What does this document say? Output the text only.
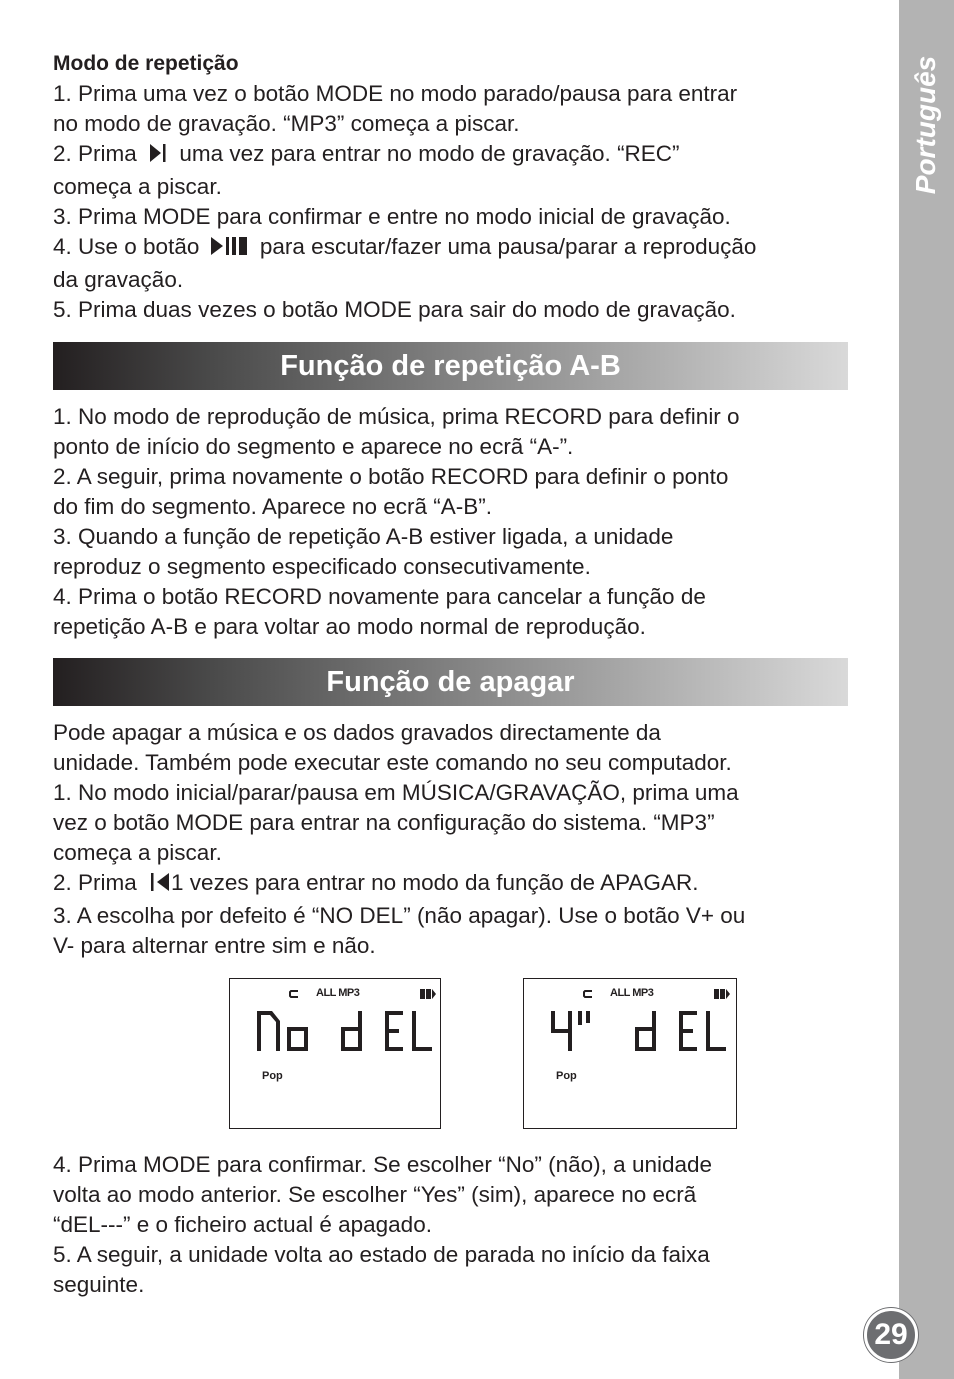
Modo de repetição

1. Prima uma vez o botão MODE no modo parado/pausa para entrar

no modo de gravação. “MP3” começa a piscar.

2. Prima uma vez para entrar no modo de gravação. “REC”

começa a piscar.

3. Prima MODE para confirmar e entre no modo inicial de gravação.

4. Use o botão	para escutar/fazer uma pausa/parar a reprodução

da gravação.

5. Prima duas vezes o botão MODE para sair do modo de gravação.

Função de repetição A-B

1. No modo de reprodução de música, prima RECORD para definir o

ponto de início do segmento e aparece no ecrã “A-”.

2. A seguir, prima novamente o botão RECORD para definir o ponto

do fim do segmento. Aparece no ecrã “A-B”.

3. Quando a função de repetição A-B estiver ligada, a unidade

reproduz o segmento especificado consecutivamente.

4. Prima o botão RECORD novamente para cancelar a função de

repetição A-B e para voltar ao modo normal de reprodução.

Função de apagar

Pode apagar a música e os dados gravados directamente da

unidade. Também pode executar este comando no seu computador.

1. No modo inicial/parar/pausa em MÚSICA/GRAVAÇÃO, prima uma

vez o botão MODE para entrar na configuração do sistema. “MP3”

começa a piscar.

2. Prima 1 vezes para entrar no modo da função de APAGAR.

3. A escolha por defeito é “NO DEL” (não apagar). Use o botão V+ ou

V- para alternar entre sim e não.

ALL MP3
Pop
ALL MP3
Pop

4. Prima MODE para confirmar. Se escolher “No” (não), a unidade

volta ao modo anterior. Se escolher “Yes” (sim), aparece no ecrã

“dEL---” e o ficheiro actual é apagado.

5. A seguir, a unidade volta ao estado de parada no início da faixa

seguinte.

Português
29
